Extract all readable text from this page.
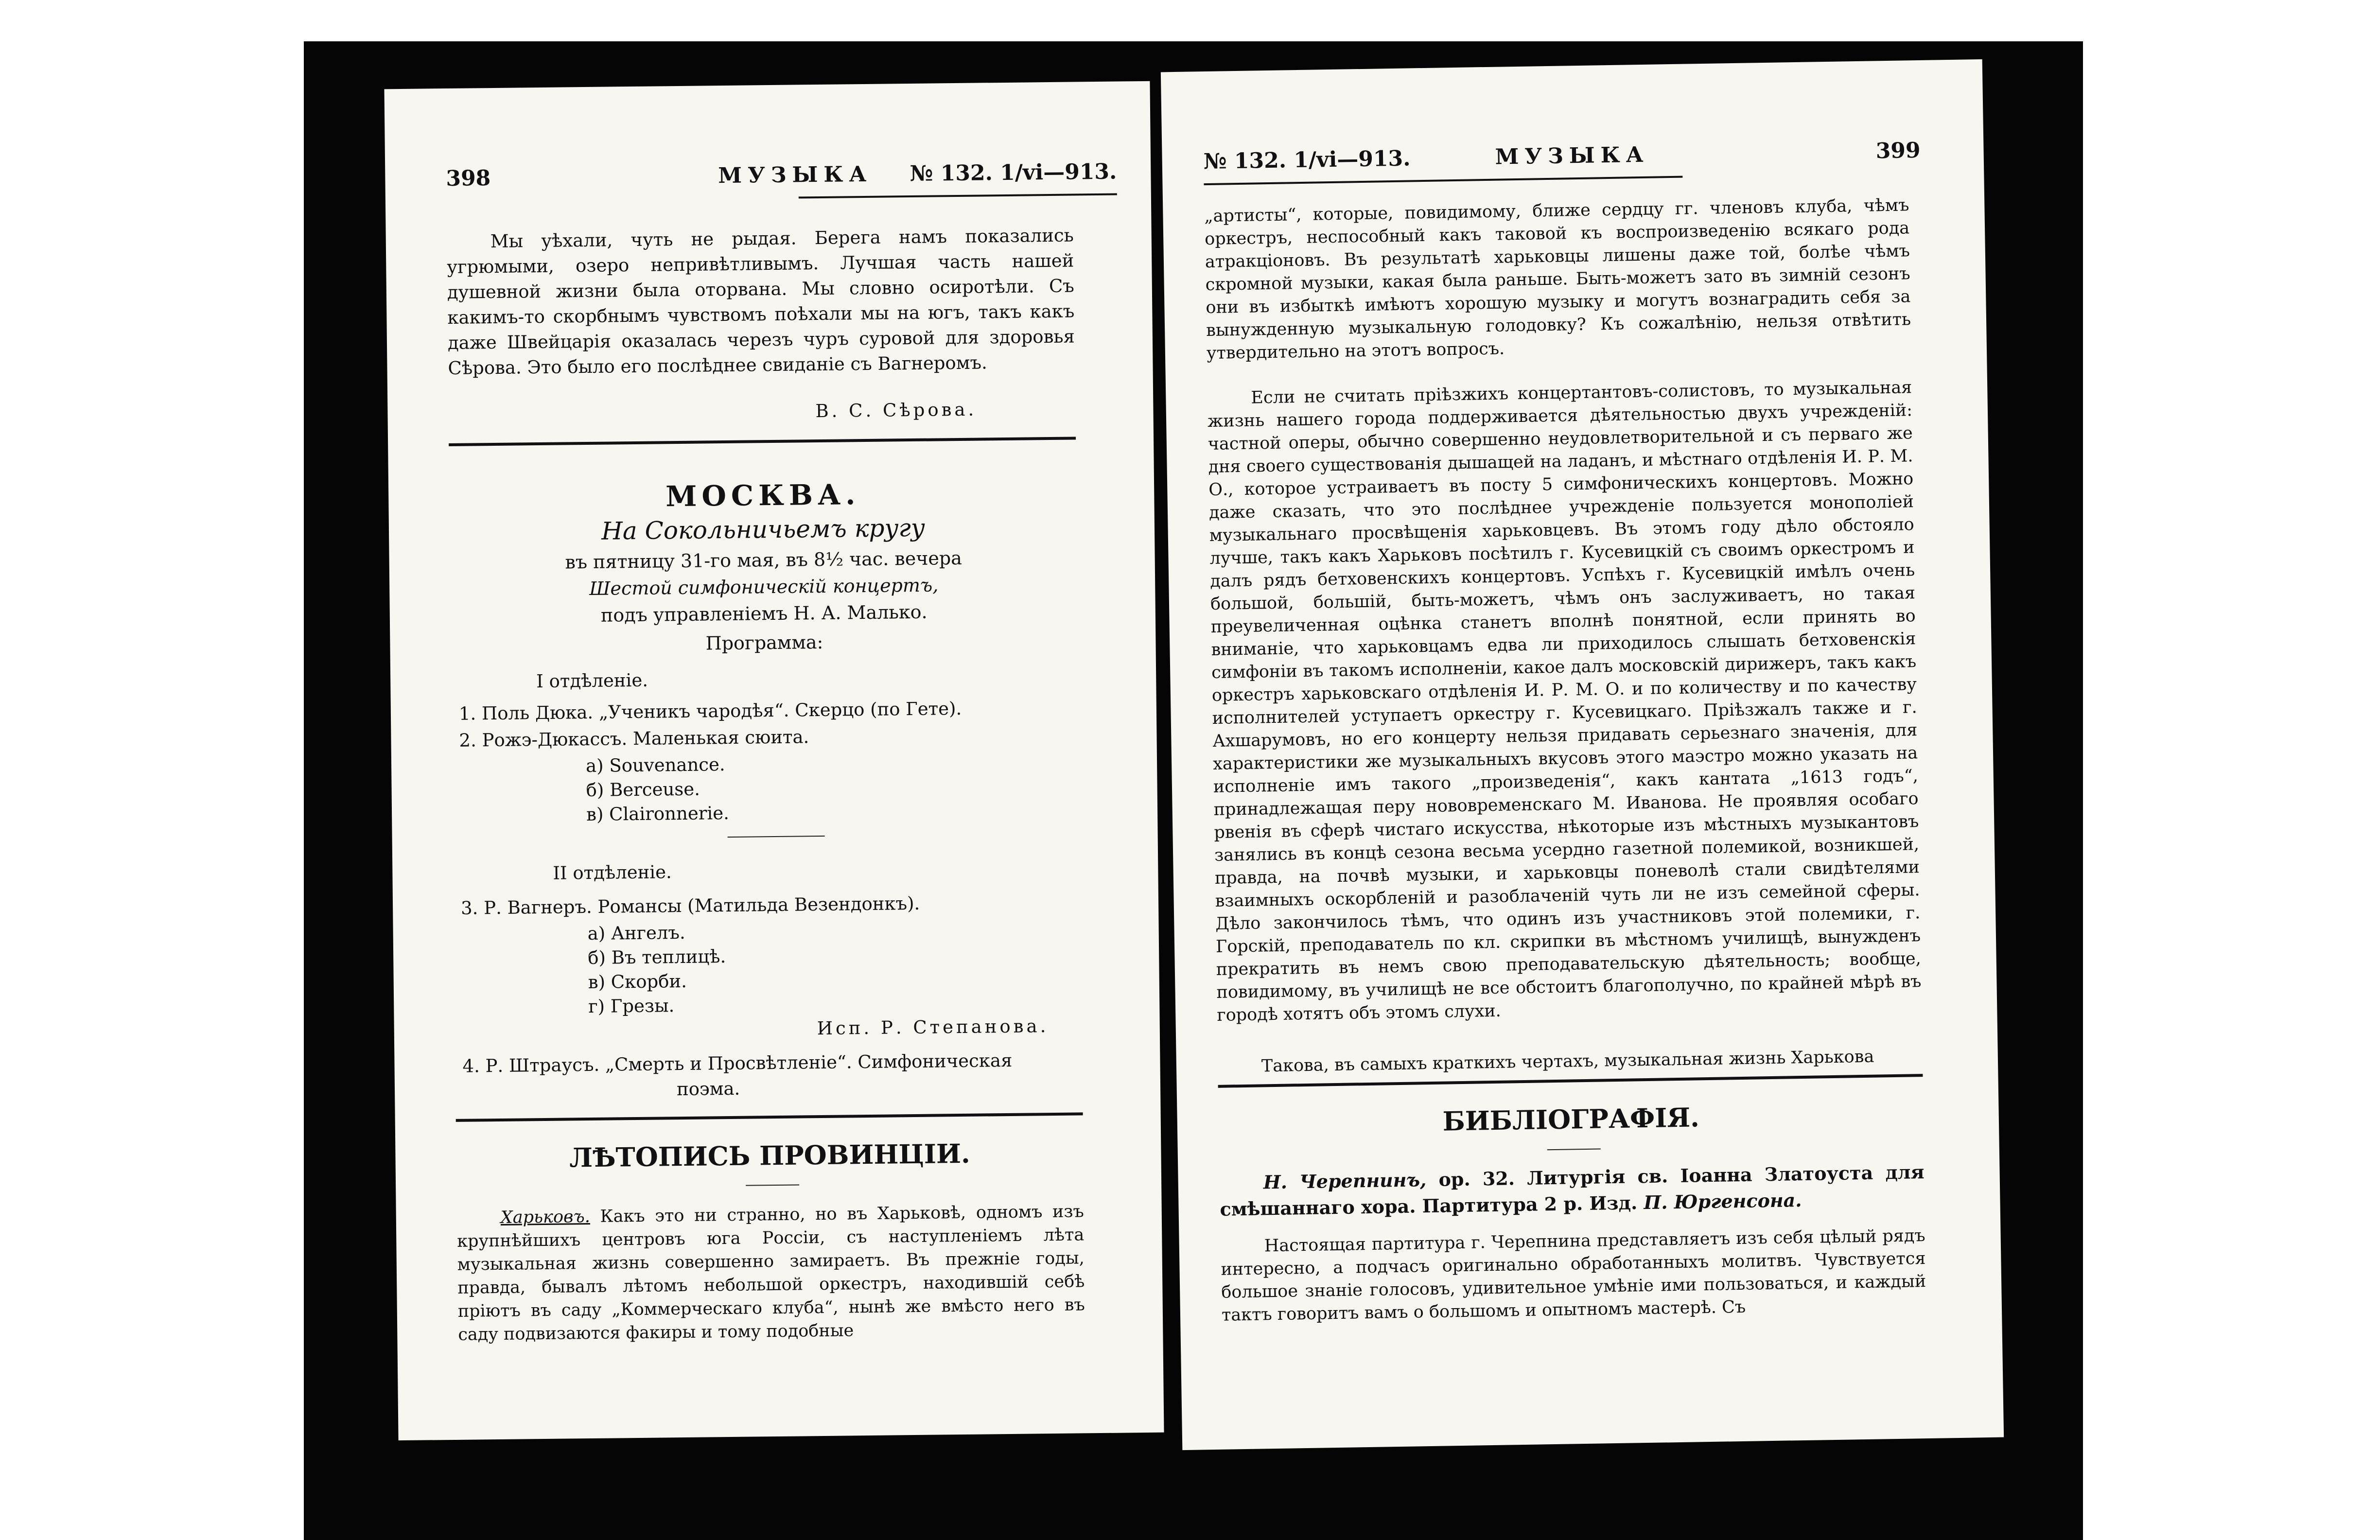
398	МУЗЫКА № 132. 1/vi—913.
Мы уѣхали, чуть не рыдая. Берега намъ показались угрюмыми, озеро непривѣтливымъ. Лучшая часть нашей душевной жизни была оторвана. Мы словно осиротѣли. Съ какимъ-то скорбнымъ чувствомъ поѣхали мы на югъ, такъ какъ даже Швейцарія оказалась черезъ чуръ суровой для здоровья Сѣрова. Это было его послѣднее свиданіе съ Вагнеромъ.
В. С. Сѣрова.
МОСКВА.
На Сокольничьемъ кругу
въ пятницу 31-го мая, въ 8½ час. вечера
Шестой симфоническій концертъ,
подъ управленіемъ Н. А. Малько.
Программа:
I отдѣленіе.
1. Поль Дюка. „Ученикъ чародѣя“. Скерцо (по Гете).
2. Рожэ-Дюкассъ. Маленькая сюита.
а) Souvenance.
б) Berceuse.
в) Claironnerie.
II отдѣленіе.
3. Р. Вагнеръ. Романсы (Матильда Везендонкъ).
а) Ангелъ.
б) Въ теплицѣ.
в) Скорби.
г) Грезы.
Исп. Р. Степанова.
4. Р. Штраусъ. „Смерть и Просвѣтленіе“. Симфоническая
поэма.
ЛѢТОПИСЬ ПРОВИНЦІИ.
Харьковъ. Какъ это ни странно, но въ Харьковѣ, одномъ изъ крупнѣйшихъ центровъ юга Россіи, съ наступленіемъ лѣта музыкальная жизнь совершенно замираетъ. Въ прежніе годы, правда, бывалъ лѣтомъ небольшой оркестръ, находившій себѣ пріютъ въ саду „Коммерческаго клуба“, нынѣ же вмѣсто него въ саду подвизаются факиры и тому подобные
№ 132. 1/vi—913.	МУЗЫКА	399
„артисты“, которые, повидимому, ближе сердцу гг. членовъ клуба, чѣмъ оркестръ, неспособный какъ таковой къ воспроизведенію всякаго рода атракціоновъ. Въ результатѣ харьковцы лишены даже той, болѣе чѣмъ скромной музыки, какая была раньше. Быть-можетъ зато въ зимній сезонъ они въ избыткѣ имѣютъ хорошую музыку и могутъ вознаградить себя за вынужденную музыкальную голодовку? Къ сожалѣнію, нельзя отвѣтить утвердительно на этотъ вопросъ.
Если не считать пріѣзжихъ концертантовъ-солистовъ, то музыкальная жизнь нашего города поддерживается дѣятельностью двухъ учрежденій: частной оперы, обычно совершенно неудовлетворительной и съ перваго же дня своего существованія дышащей на ладанъ, и мѣстнаго отдѣленія И. Р. М. О., которое устраиваетъ въ посту 5 симфоническихъ концертовъ. Можно даже сказать, что это послѣднее учрежденіе пользуется монополіей музыкальнаго просвѣщенія харьковцевъ. Въ этомъ году дѣло обстояло лучше, такъ какъ Харьковъ посѣтилъ г. Кусевицкій съ своимъ оркестромъ и далъ рядъ бетховенскихъ концертовъ. Успѣхъ г. Кусевицкій имѣлъ очень большой, большій, быть-можетъ, чѣмъ онъ заслуживаетъ, но такая преувеличенная оцѣнка станетъ вполнѣ понятной, если принять во вниманіе, что харьковцамъ едва ли приходилось слышать бетховенскія симфоніи въ такомъ исполненіи, какое далъ московскій дирижеръ, такъ какъ оркестръ харьковскаго отдѣленія И. Р. М. О. и по количеству и по качеству исполнителей уступаетъ оркестру г. Кусевицкаго. Пріѣзжалъ также и г. Ахшарумовъ, но его концерту нельзя придавать серьезнаго значенія, для характеристики же музыкальныхъ вкусовъ этого маэстро можно указать на исполненіе имъ такого „произведенія“, какъ кантата „1613 годъ“, принадлежащая перу нововременскаго М. Иванова. Не проявляя особаго рвенія въ сферѣ чистаго искусства, нѣкоторые изъ мѣстныхъ музыкантовъ занялись въ концѣ сезона весьма усердно газетной полемикой, возникшей, правда, на почвѣ музыки, и харьковцы поневолѣ стали свидѣтелями взаимныхъ оскорбленій и разоблаченій чуть ли не изъ семейной сферы. Дѣло закончилось тѣмъ, что одинъ изъ участниковъ этой полемики, г. Горскій, преподаватель по кл. скрипки въ мѣстномъ училищѣ, вынужденъ прекратить въ немъ свою преподавательскую дѣятельность; вообще, повидимому, въ училищѣ не все обстоитъ благополучно, по крайней мѣрѣ въ городѣ хотятъ объ этомъ слухи.
Такова, въ самыхъ краткихъ чертахъ, музыкальная жизнь Харькова
БИБЛІОГРАФІЯ.
Н. Черепнинъ, ор. 32. Литургія св. Іоанна Златоуста для смѣшаннаго хора. Партитура 2 р. Изд. П. Юргенсона.
Настоящая партитура г. Черепнина представляетъ изъ себя цѣлый рядъ интересно, а подчасъ оригинально обработанныхъ молитвъ. Чувствуется большое знаніе голосовъ, удивительное умѣніе ими пользоваться, и каждый тактъ говоритъ вамъ о большомъ и опытномъ мастерѣ. Съ
